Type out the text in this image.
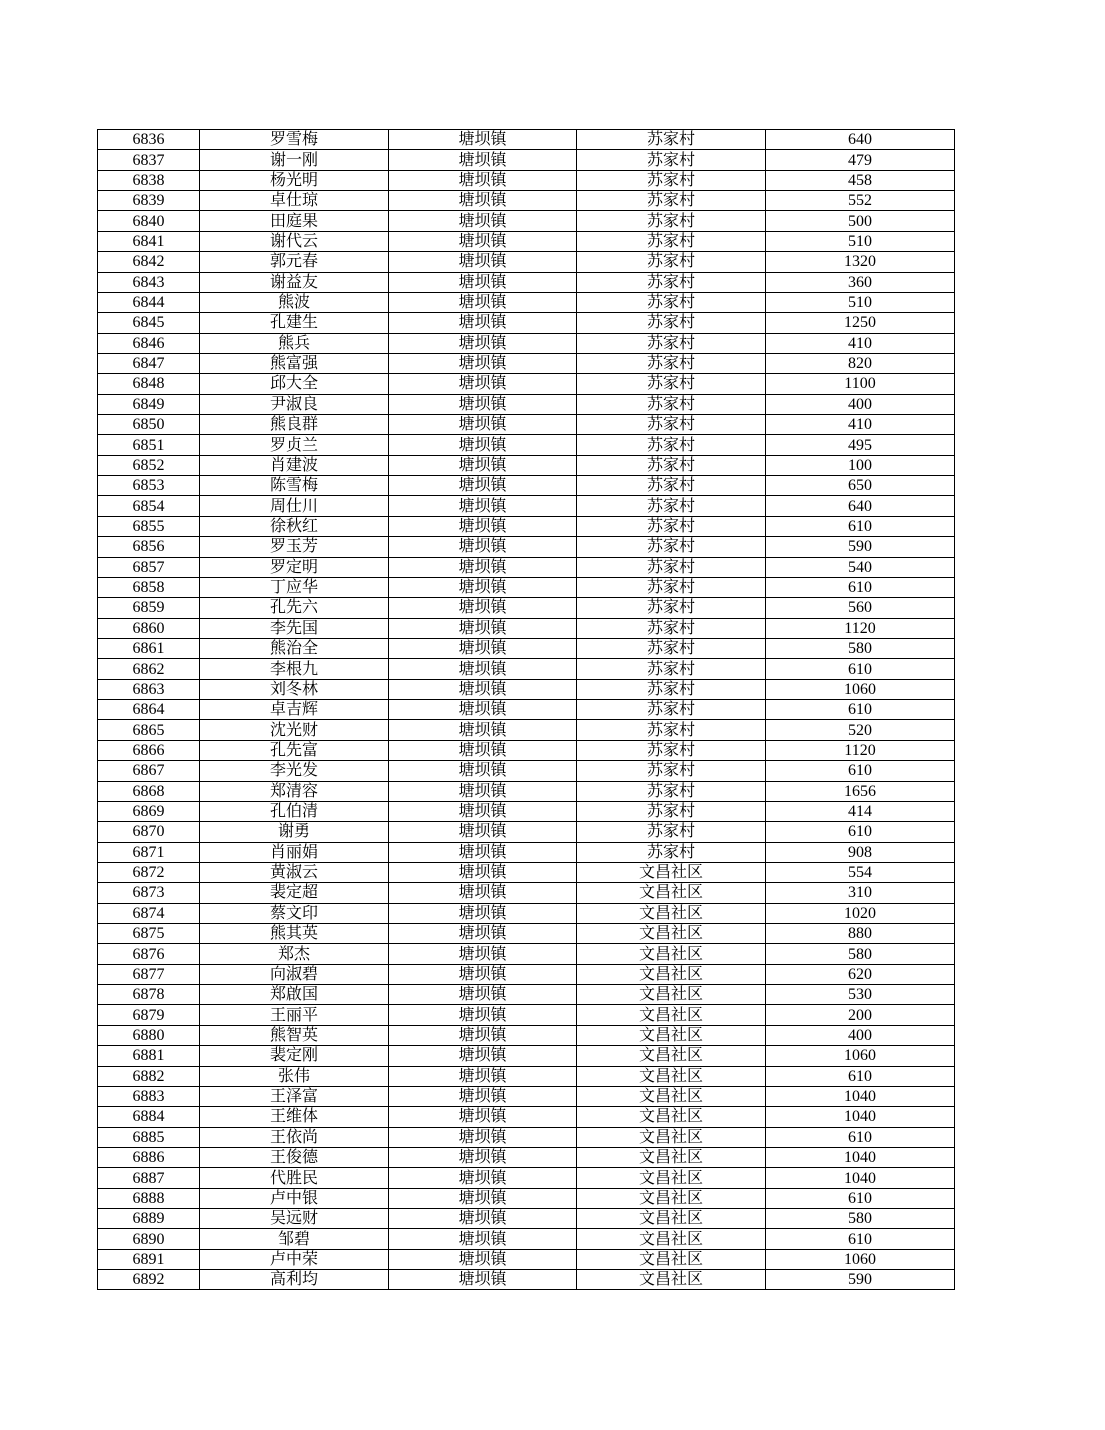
6836	罗雪梅	塘坝镇	苏家村	640
6837	谢一刚	塘坝镇	苏家村	479
6838	杨光明	塘坝镇	苏家村	458
6839	卓仕琼	塘坝镇	苏家村	552
6840	田庭果	塘坝镇	苏家村	500
6841	谢代云	塘坝镇	苏家村	510
6842	郭元春	塘坝镇	苏家村	1320
6843	谢益友	塘坝镇	苏家村	360
6844	熊波	塘坝镇	苏家村	510
6845	孔建生	塘坝镇	苏家村	1250
6846	熊兵	塘坝镇	苏家村	410
6847	熊富强	塘坝镇	苏家村	820
6848	邱大全	塘坝镇	苏家村	1100
6849	尹淑良	塘坝镇	苏家村	400
6850	熊良群	塘坝镇	苏家村	410
6851	罗贞兰	塘坝镇	苏家村	495
6852	肖建波	塘坝镇	苏家村	100
6853	陈雪梅	塘坝镇	苏家村	650
6854	周仕川	塘坝镇	苏家村	640
6855	徐秋红	塘坝镇	苏家村	610
6856	罗玉芳	塘坝镇	苏家村	590
6857	罗定明	塘坝镇	苏家村	540
6858	丁应华	塘坝镇	苏家村	610
6859	孔先六	塘坝镇	苏家村	560
6860	李先国	塘坝镇	苏家村	1120
6861	熊治全	塘坝镇	苏家村	580
6862	李根九	塘坝镇	苏家村	610
6863	刘冬林	塘坝镇	苏家村	1060
6864	卓吉辉	塘坝镇	苏家村	610
6865	沈光财	塘坝镇	苏家村	520
6866	孔先富	塘坝镇	苏家村	1120
6867	李光发	塘坝镇	苏家村	610
6868	郑清容	塘坝镇	苏家村	1656
6869	孔伯清	塘坝镇	苏家村	414
6870	谢勇	塘坝镇	苏家村	610
6871	肖丽娟	塘坝镇	苏家村	908
6872	黄淑云	塘坝镇	文昌社区	554
6873	裴定超	塘坝镇	文昌社区	310
6874	蔡文印	塘坝镇	文昌社区	1020
6875	熊其英	塘坝镇	文昌社区	880
6876	郑杰	塘坝镇	文昌社区	580
6877	向淑碧	塘坝镇	文昌社区	620
6878	郑啟国	塘坝镇	文昌社区	530
6879	王丽平	塘坝镇	文昌社区	200
6880	熊智英	塘坝镇	文昌社区	400
6881	裴定刚	塘坝镇	文昌社区	1060
6882	张伟	塘坝镇	文昌社区	610
6883	王泽富	塘坝镇	文昌社区	1040
6884	王维体	塘坝镇	文昌社区	1040
6885	王依尚	塘坝镇	文昌社区	610
6886	王俊德	塘坝镇	文昌社区	1040
6887	代胜民	塘坝镇	文昌社区	1040
6888	卢中银	塘坝镇	文昌社区	610
6889	吴远财	塘坝镇	文昌社区	580
6890	邹碧	塘坝镇	文昌社区	610
6891	卢中荣	塘坝镇	文昌社区	1060
6892	高利均	塘坝镇	文昌社区	590
